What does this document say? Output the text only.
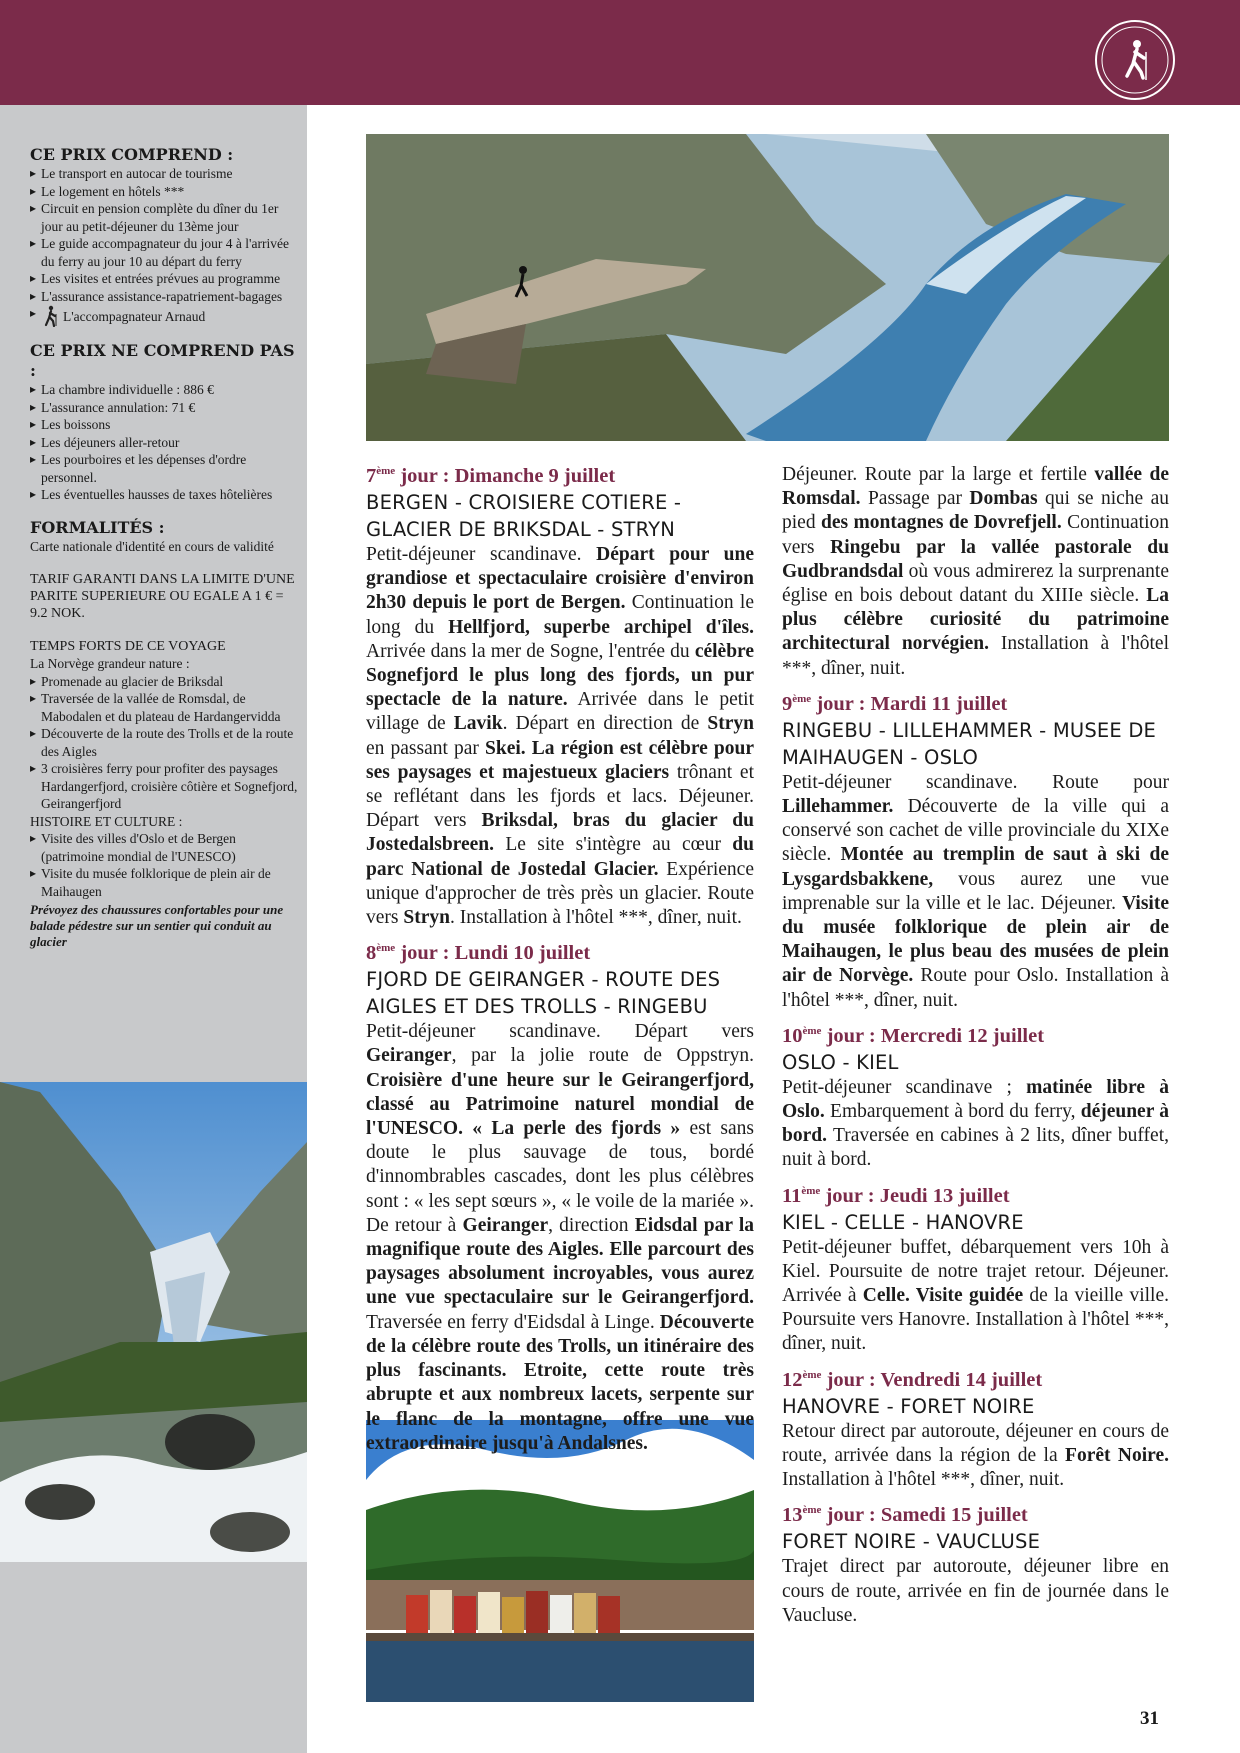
CE PRIX COMPREND :
▸ Le transport en autocar de tourisme
▸ Le logement en hôtels ***
▸ Circuit en pension complète du dîner du 1er jour au petit-déjeuner du 13ème jour
▸ Le guide accompagnateur du jour 4 à l'arrivée du ferry au jour 10 au départ du ferry
▸ Les visites et entrées prévues au programme
▸ L'assurance assistance-rapatriement-bagages
▸ L'accompagnateur Arnaud
CE PRIX NE COMPREND PAS :
▸ La chambre individuelle : 886 €
▸ L'assurance annulation: 71 €
▸ Les boissons
▸ Les déjeuners aller-retour
▸ Les pourboires et les dépenses d'ordre personnel.
▸ Les éventuelles hausses de taxes hôtelières
FORMALITÉS :
Carte nationale d'identité en cours de validité
TARIF GARANTI DANS LA LIMITE D'UNE PARITE SUPERIEURE OU EGALE A 1 € = 9.2 NOK.
TEMPS FORTS DE CE VOYAGE
La Norvège grandeur nature :
▸ Promenade au glacier de Briksdal
▸ Traversée de la vallée de Romsdal, de Mabodalen et du plateau de Hardangervidda
▸ Découverte de la route des Trolls et de la route des Aigles
▸ 3 croisières ferry pour profiter des paysages Hardangerfjord, croisière côtière et Sognefjord, Geirangerfjord
HISTOIRE ET CULTURE :
▸ Visite des villes d'Oslo et de Bergen (patrimoine mondial de l'UNESCO)
▸ Visite du musée folklorique de plein air de Maihaugen
Prévoyez des chaussures confortables pour une balade pédestre sur un sentier qui conduit au glacier
7ème jour : Dimanche 9 juillet
BERGEN - CROISIERE COTIERE - GLACIER DE BRIKSDAL - STRYN

Petit-déjeuner scandinave. Départ pour une grandiose et spectaculaire croisière d'environ 2h30 depuis le port de Bergen. Continuation le long du Hellfjord, superbe archipel d'îles. Arrivée dans la mer de Sogne, l'entrée du célèbre Sognefjord le plus long des fjords, un pur spectacle de la nature. Arrivée dans le petit village de Lavik. Départ en direction de Stryn en passant par Skei. La région est célèbre pour ses paysages et majestueux glaciers trônant et se reflétant dans les fjords et lacs. Déjeuner. Départ vers Briksdal, bras du glacier du Jostedalsbreen. Le site s'intègre au cœur du parc National de Jostedal Glacier. Expérience unique d'approcher de très près un glacier. Route vers Stryn. Installation à l'hôtel ***, dîner, nuit.

8ème jour : Lundi 10 juillet
FJORD DE GEIRANGER - ROUTE DES AIGLES ET DES TROLLS - RINGEBU

Petit-déjeuner scandinave. Départ vers Geiranger, par la jolie route de Oppstryn. Croisière d'une heure sur le Geirangerfjord, classé au Patrimoine naturel mondial de l'UNESCO. « La perle des fjords » est sans doute le plus sauvage de tous, bordé d'innombrables cascades, dont les plus célèbres sont : « les sept sœurs », « le voile de la mariée ». De retour à Geiranger, direction Eidsdal par la magnifique route des Aigles. Elle parcourt des paysages absolument incroyables, vous aurez une vue spectaculaire sur le Geirangerfjord. Traversée en ferry d'Eidsdal à Linge. Découverte de la célèbre route des Trolls, un itinéraire des plus fascinants. Etroite, cette route très abrupte et aux nombreux lacets, serpente sur le flanc de la montagne, offre une vue extraordinaire jusqu'à Andalsnes.

Déjeuner. Route par la large et fertile vallée de Romsdal. Passage par Dombas qui se niche au pied des montagnes de Dovrefjell. Continuation vers Ringebu par la vallée pastorale du Gudbrandsdal où vous admirerez la surprenante église en bois debout datant du XIIIe siècle. La plus célèbre curiosité du patrimoine architectural norvégien. Installation à l'hôtel ***, dîner, nuit.

9ème jour : Mardi 11 juillet
RINGEBU - LILLEHAMMER - MUSEE DE MAIHAUGEN - OSLO

Petit-déjeuner scandinave. Route pour Lillehammer. Découverte de la ville qui a conservé son cachet de ville provinciale du XIXe siècle. Montée au tremplin de saut à ski de Lysgardsbakkene, vous aurez une vue imprenable sur la ville et le lac. Déjeuner. Visite du musée folklorique de plein air de Maihaugen, le plus beau des musées de plein air de Norvège. Route pour Oslo. Installation à l'hôtel ***, dîner, nuit.

10ème jour : Mercredi 12 juillet
OSLO - KIEL

Petit-déjeuner scandinave ; matinée libre à Oslo. Embarquement à bord du ferry, déjeuner à bord. Traversée en cabines à 2 lits, dîner buffet, nuit à bord.

11ème jour : Jeudi 13 juillet
KIEL - CELLE - HANOVRE

Petit-déjeuner buffet, débarquement vers 10h à Kiel. Poursuite de notre trajet retour. Déjeuner. Arrivée à Celle. Visite guidée de la vieille ville. Poursuite vers Hanovre. Installation à l'hôtel ***, dîner, nuit.

12ème jour : Vendredi 14 juillet
HANOVRE - FORET NOIRE

Retour direct par autoroute, déjeuner en cours de route, arrivée dans la région de la Forêt Noire. Installation à l'hôtel ***, dîner, nuit.

13ème jour : Samedi 15 juillet
FORET NOIRE - VAUCLUSE

Trajet direct par autoroute, déjeuner libre en cours de route, arrivée en fin de journée dans le Vaucluse.

31
